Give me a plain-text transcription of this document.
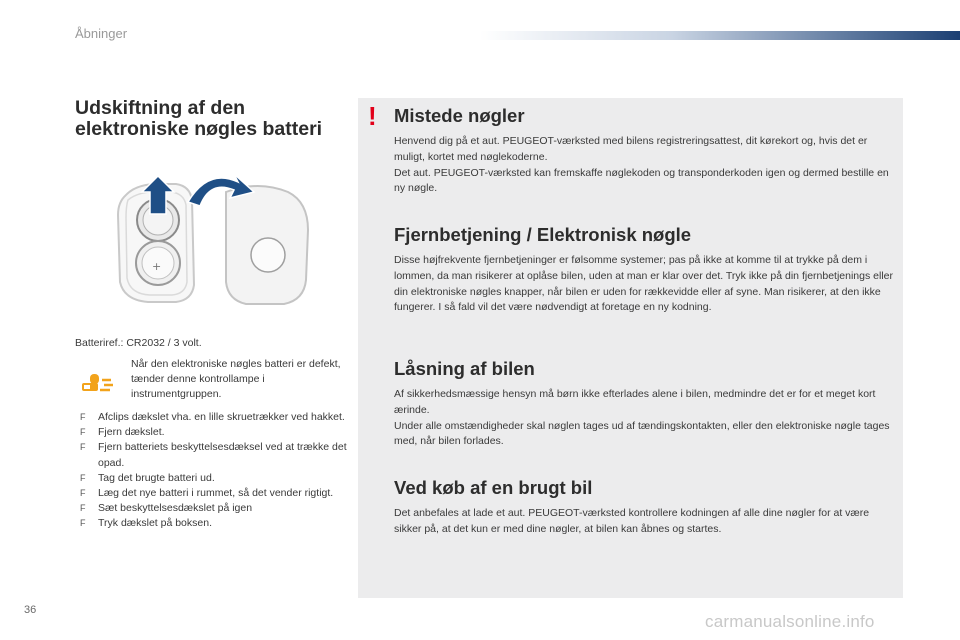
Åbninger
Udskiftning af den
elektroniske nøgles batteri
+
Batteriref.: CR2032 / 3 volt.
Når den elektroniske nøgles batteri er defekt, tænder denne kontrollampe i instrumentgruppen.
F Afclips dækslet vha. en lille skruetrækker ved hakket.
F Fjern dækslet.
F Fjern batteriets beskyttelsesdæksel ved at trække det opad.
F Tag det brugte batteri ud.
F Læg det nye batteri i rummet, så det vender rigtigt.
F Sæt beskyttelsesdækslet på igen
F Tryk dækslet på boksen.
! Mistede nøgler

Henvend dig på et aut. PEUGEOT-værksted med bilens registreringsattest, dit kørekort og, hvis det er muligt, kortet med nøglekoderne.

Det aut. PEUGEOT-værksted kan fremskaffe nøglekoden og transponderkoden igen og dermed bestille en ny nøgle.

Fjernbetjening / Elektronisk nøgle

Disse højfrekvente fjernbetjeninger er følsomme systemer; pas på ikke at komme til at trykke på dem i lommen, da man risikerer at oplåse bilen, uden at man er klar over det. Tryk ikke på din fjernbetjenings eller din elektroniske nøgles knapper, når bilen er uden for rækkevidde eller af syne. Man risikerer, at den ikke fungerer. I så fald vil det være nødvendigt at foretage en ny kodning.

Låsning af bilen

Af sikkerhedsmæssige hensyn må børn ikke efterlades alene i bilen, medmindre det er for et meget kort ærinde.

Under alle omstændigheder skal nøglen tages ud af tændingskontakten, eller den elektroniske nøgle tages med, når bilen forlades.

Ved køb af en brugt bil

Det anbefales at lade et aut. PEUGEOT-værksted kontrollere kodningen af alle dine nøgler for at være sikker på, at det kun er med dine nøgler, at bilen kan åbnes og startes.

36
carmanualsonline.info
